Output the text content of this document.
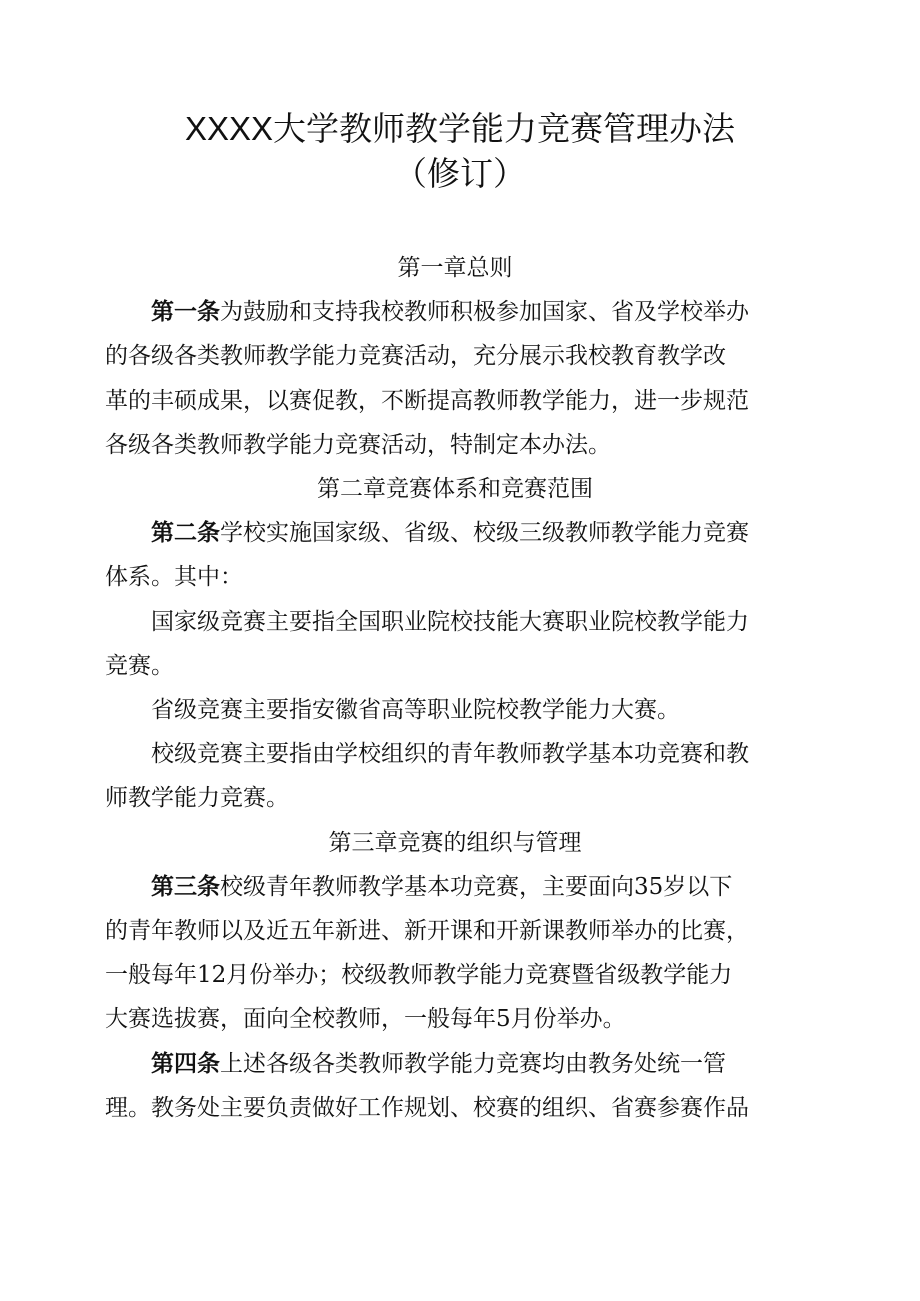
XXXX大学教师教学能力竞赛管理办法
（修订）
第一章总则
第一条为鼓励和支持我校教师积极参加国家、省及学校举办
的各级各类教师教学能力竞赛活动，充分展示我校教育教学改
革的丰硕成果，以赛促教，不断提高教师教学能力，进一步规范
各级各类教师教学能力竞赛活动，特制定本办法。
第二章竞赛体系和竞赛范围
第二条学校实施国家级、省级、校级三级教师教学能力竞赛
体系。其中：
国家级竞赛主要指全国职业院校技能大赛职业院校教学能力
竞赛。
省级竞赛主要指安徽省高等职业院校教学能力大赛。
校级竞赛主要指由学校组织的青年教师教学基本功竞赛和教
师教学能力竞赛。
第三章竞赛的组织与管理
第三条校级青年教师教学基本功竞赛，主要面向35岁以下
的青年教师以及近五年新进、新开课和开新课教师举办的比赛，
一般每年12月份举办；校级教师教学能力竞赛暨省级教学能力
大赛选拔赛，面向全校教师，一般每年5月份举办。
第四条上述各级各类教师教学能力竞赛均由教务处统一管
理。教务处主要负责做好工作规划、校赛的组织、省赛参赛作品
